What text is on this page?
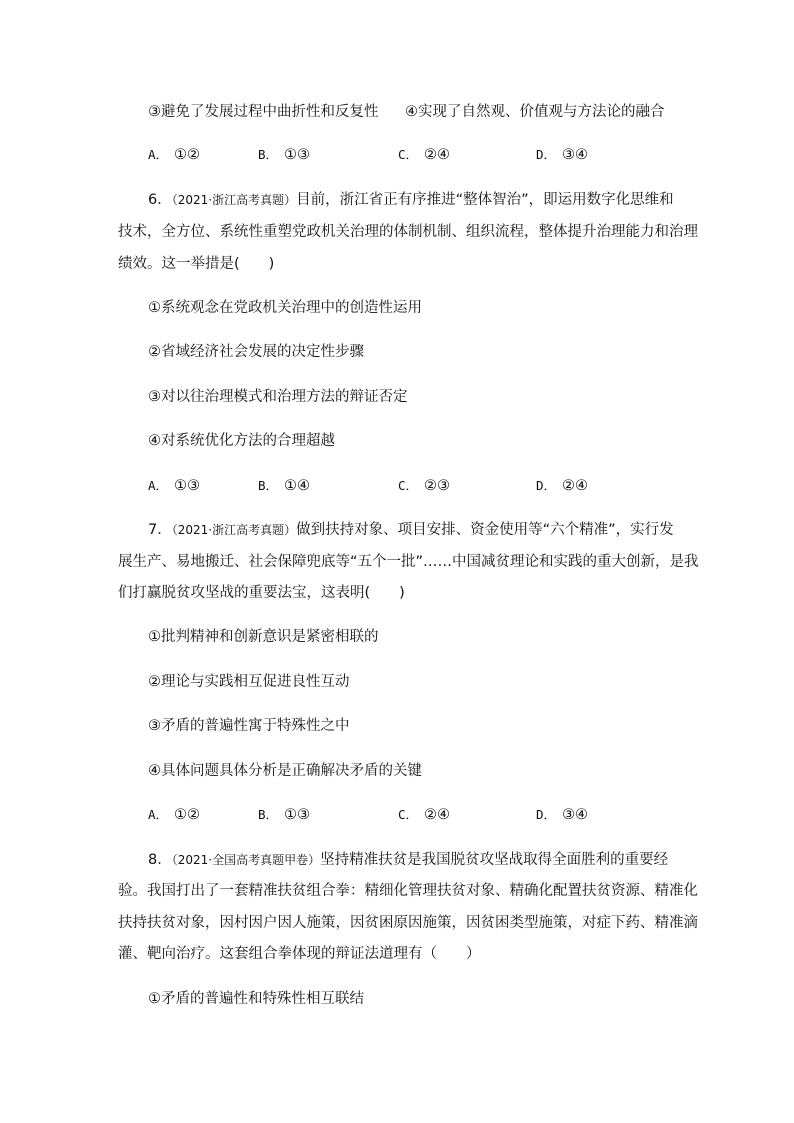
③避免了发展过程中曲折性和反复性 ④实现了自然观、价值观与方法论的融合
A． ①②	B． ①③	C． ②④	D． ③④
6．（2021·浙江高考真题）目前，浙江省正有序推进“整体智治”，即运用数字化思维和
技术，全方位、系统性重塑党政机关治理的体制机制、组织流程，整体提升治理能力和治理
绩效。这一举措是(　　)
①系统观念在党政机关治理中的创造性运用
②省域经济社会发展的决定性步骤
③对以往治理模式和治理方法的辩证否定
④对系统优化方法的合理超越
A． ①③	B． ①④	C． ②③	D． ②④
7．（2021·浙江高考真题）做到扶持对象、项目安排、资金使用等“六个精准”，实行发
展生产、易地搬迁、社会保障兜底等“五个一批”……中国减贫理论和实践的重大创新，是我
们打赢脱贫攻坚战的重要法宝，这表明(　　)
①批判精神和创新意识是紧密相联的
②理论与实践相互促进良性互动
③矛盾的普遍性寓于特殊性之中
④具体问题具体分析是正确解决矛盾的关键
A． ①②	B． ①③	C． ②④	D． ③④
8．（2021·全国高考真题甲卷）坚持精准扶贫是我国脱贫攻坚战取得全面胜利的重要经
验。我国打出了一套精准扶贫组合拳：精细化管理扶贫对象、精确化配置扶贫资源、精准化
扶持扶贫对象，因村因户因人施策，因贫困原因施策，因贫困类型施策，对症下药、精准滴
灌、靶向治疗。这套组合拳体现的辩证法道理有（　　）
①矛盾的普遍性和特殊性相互联结
